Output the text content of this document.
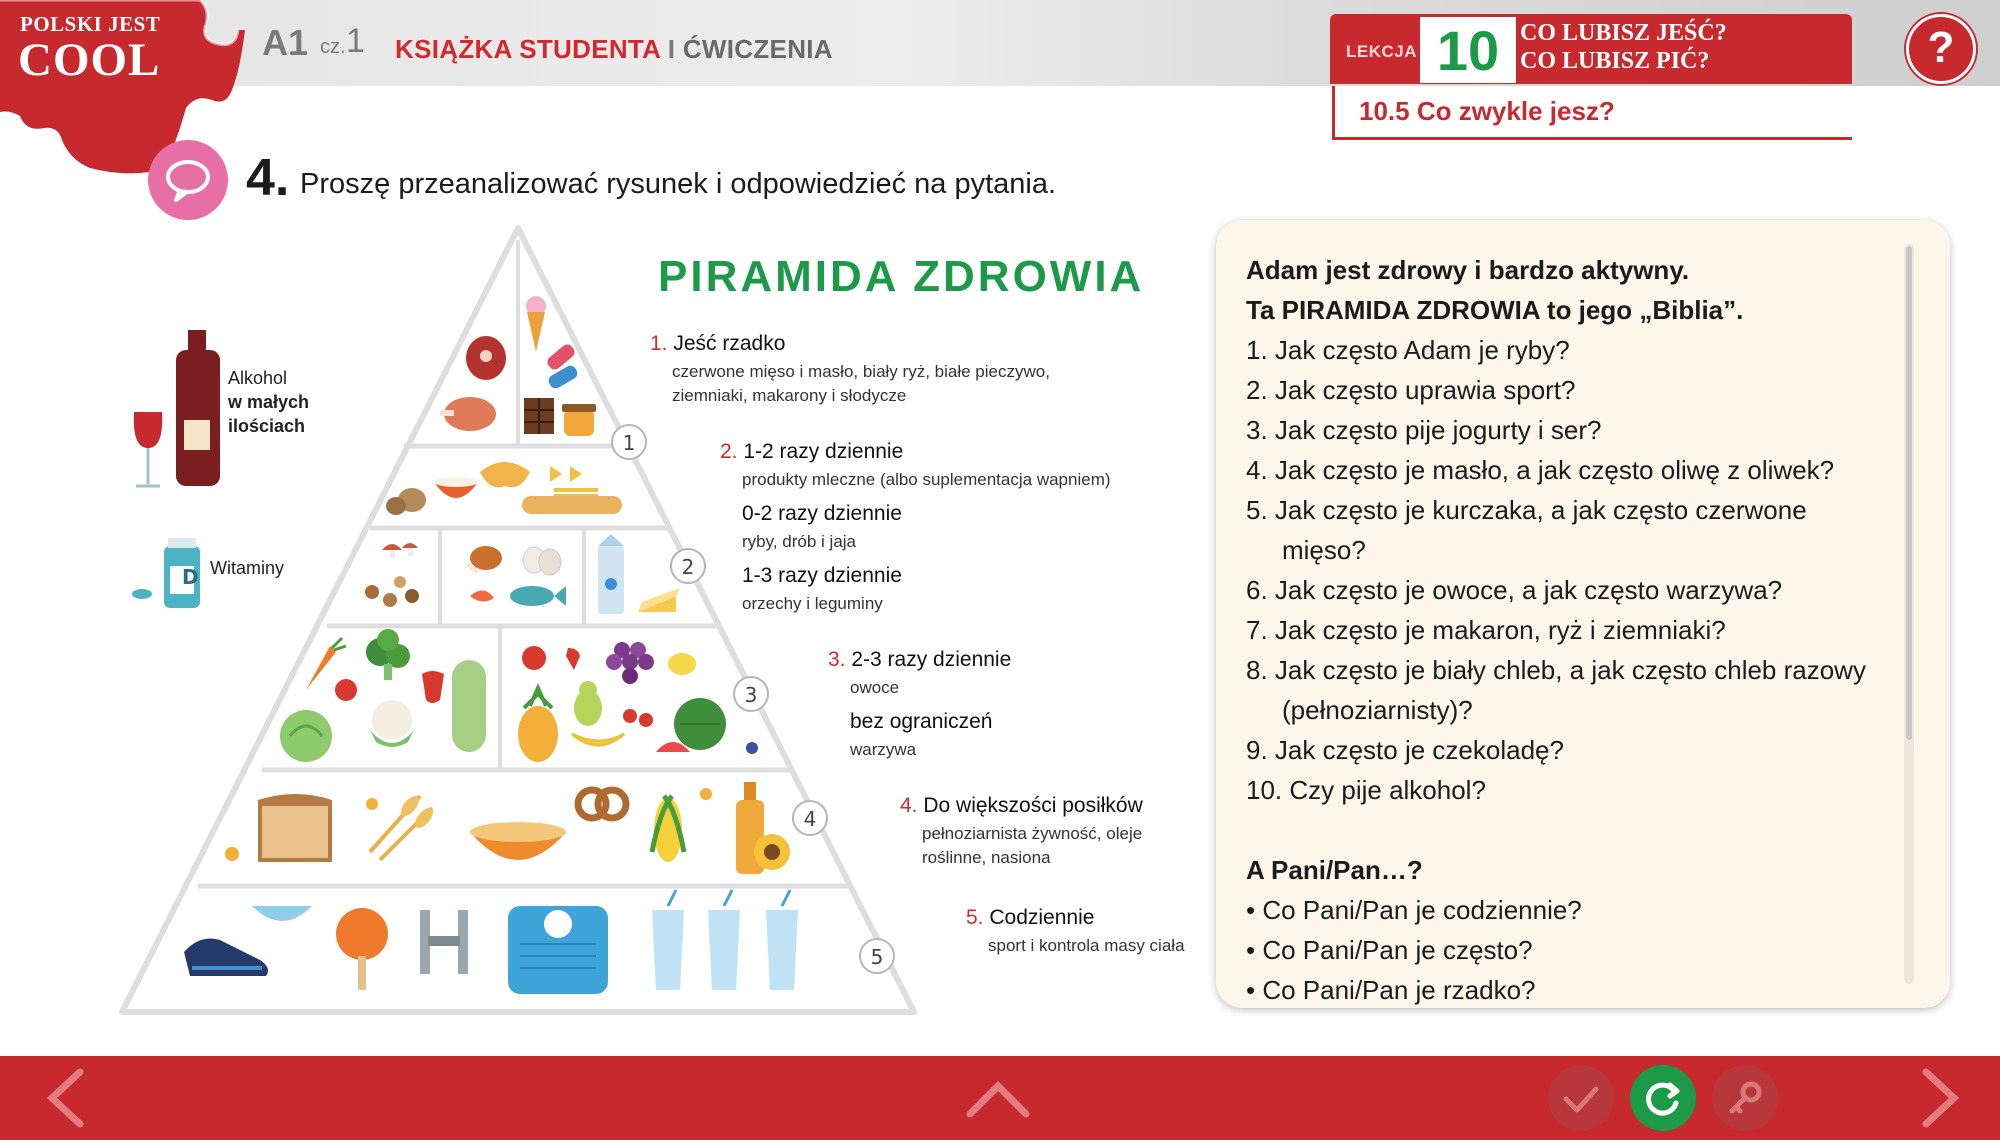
POLSKI JEST
COOL	A1 cz. 1 KSIĄŻKA STUDENTA I ĆWICZENIA	LEKCJA 10 CO LUBISZ JEŚĆ?
CO LUBISZ PIĆ?
10.5 Co zwykle jesz?
?
4. Proszę przeanalizować rysunek i odpowiedzieć na pytania.
1
2
3
4
5
D
PIRAMIDA ZDROWIA
Alkohol
w małych
ilościach
Witaminy
1. Jeść rzadko
czerwone mięso i masło, biały ryż, białe pieczywo,
ziemniaki, makarony i słodycze
2. 1-2 razy dziennie
produkty mleczne (albo suplementacja wapniem)
0-2 razy dziennie
ryby, drób i jaja
1-3 razy dziennie
orzechy i leguminy
3. 2-3 razy dziennie
owoce
bez ograniczeń
warzywa
4. Do większości posiłków
pełnoziarnista żywność, oleje
roślinne, nasiona
5. Codziennie
sport i kontrola masy ciała

Adam jest zdrowy i bardzo aktywny.

Ta PIRAMIDA ZDROWIA to jego „Biblia”.

1. Jak często Adam je ryby?

2. Jak często uprawia sport?

3. Jak często pije jogurty i ser?

4. Jak często je masło, a jak często oliwę z oliwek?

5. Jak często je kurczaka, a jak często czerwone

mięso?

6. Jak często je owoce, a jak często warzywa?

7. Jak często je makaron, ryż i ziemniaki?

8. Jak często je biały chleb, a jak często chleb razowy

(pełnoziarnisty)?

9. Jak często je czekoladę?

10. Czy pije alkohol?

A Pani/Pan…?

• Co Pani/Pan je codziennie?

• Co Pani/Pan je często?

• Co Pani/Pan je rzadko?
